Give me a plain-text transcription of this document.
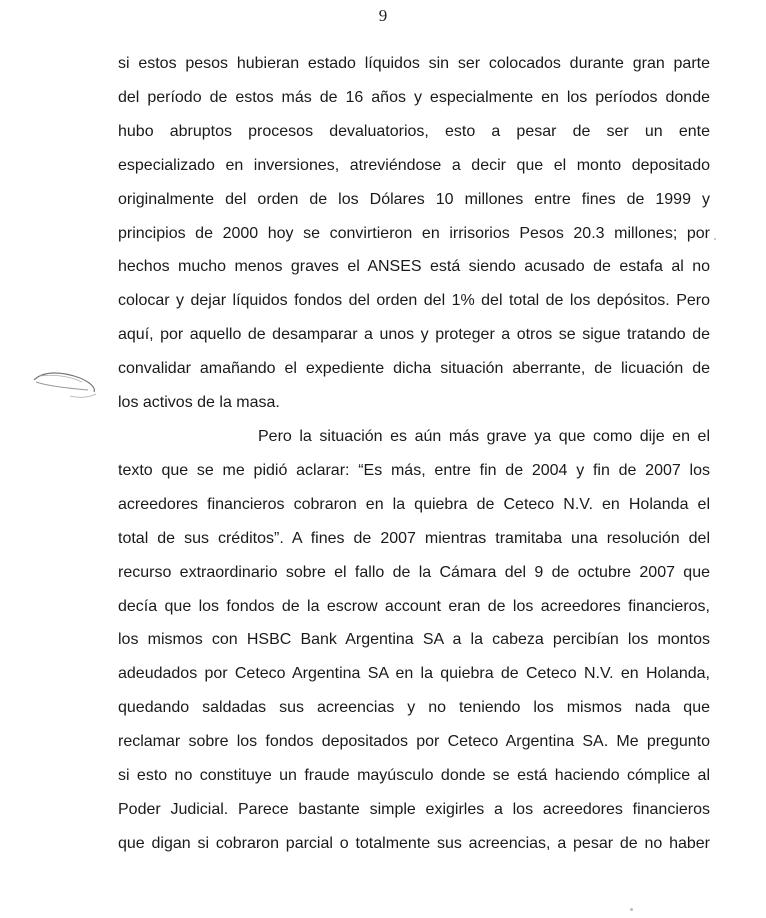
9

si estos pesos hubieran estado líquidos sin ser colocados durante gran parte
del período de estos más de 16 años y especialmente en los períodos donde
hubo abruptos procesos devaluatorios, esto a pesar de ser un ente
especializado en inversiones, atreviéndose a decir que el monto depositado
originalmente del orden de los Dólares 10 millones entre fines de 1999 y
principios de 2000 hoy se convirtieron en irrisorios Pesos 20.3 millones; por
hechos mucho menos graves el ANSES está siendo acusado de estafa al no
colocar y dejar líquidos fondos del orden del 1% del total de los depósitos. Pero
aquí, por aquello de desamparar a unos y proteger a otros se sigue tratando de
convalidar amañando el expediente dicha situación aberrante, de licuación de
los activos de la masa.

Pero la situación es aún más grave ya que como dije en el
texto que se me pidió aclarar: “Es más, entre fin de 2004 y fin de 2007 los
acreedores financieros cobraron en la quiebra de Ceteco N.V. en Holanda el
total de sus créditos”. A fines de 2007 mientras tramitaba una resolución del
recurso extraordinario sobre el fallo de la Cámara del 9 de octubre 2007 que
decía que los fondos de la escrow account eran de los acreedores financieros,
los mismos con HSBC Bank Argentina SA a la cabeza percibían los montos
adeudados por Ceteco Argentina SA en la quiebra de Ceteco N.V. en Holanda,
quedando saldadas sus acreencias y no teniendo los mismos nada que
reclamar sobre los fondos depositados por Ceteco Argentina SA. Me pregunto
si esto no constituye un fraude mayúsculo donde se está haciendo cómplice al
Poder Judicial. Parece bastante simple exigirles a los acreedores financieros
que digan si cobraron parcial o totalmente sus acreencias, a pesar de no haber
